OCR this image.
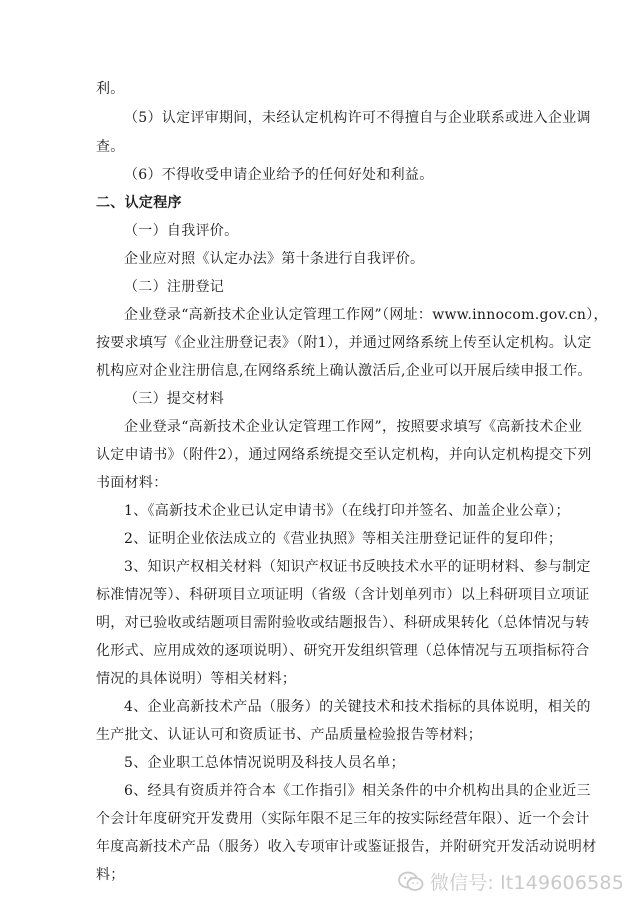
利。
（5）认定评审期间，未经认定机构许可不得擅自与企业联系或进入企业调
查。
（6）不得收受申请企业给予的任何好处和利益。
二、认定程序
（一）自我评价。
企业应对照《认定办法》第十条进行自我评价。
（二）注册登记
企业登录“高新技术企业认定管理工作网”（网址：www.innocom.gov.cn），
按要求填写《企业注册登记表》（附1），并通过网络系统上传至认定机构。认定
机构应对企业注册信息,在网络系统上确认激活后,企业可以开展后续申报工作。
（三）提交材料
企业登录“高新技术企业认定管理工作网”，按照要求填写《高新技术企业
认定申请书》（附件2），通过网络系统提交至认定机构，并向认定机构提交下列
书面材料：
1、《高新技术企业已认定申请书》（在线打印并签名、加盖企业公章）；
2、证明企业依法成立的《营业执照》等相关注册登记证件的复印件；
3、知识产权相关材料（知识产权证书反映技术水平的证明材料、参与制定
标准情况等）、科研项目立项证明（省级（含计划单列市）以上科研项目立项证
明，对已验收或结题项目需附验收或结题报告）、科研成果转化（总体情况与转
化形式、应用成效的逐项说明）、研究开发组织管理（总体情况与五项指标符合
情况的具体说明）等相关材料；
4、企业高新技术产品（服务）的关键技术和技术指标的具体说明，相关的
生产批文、认证认可和资质证书、产品质量检验报告等材料；
5、企业职工总体情况说明及科技人员名单；
6、经具有资质并符合本《工作指引》相关条件的中介机构出具的企业近三
个会计年度研究开发费用（实际年限不足三年的按实际经营年限）、近一个会计
年度高新技术产品（服务）收入专项审计或鉴证报告，并附研究开发活动说明材
料；	微信号: lt149606585
